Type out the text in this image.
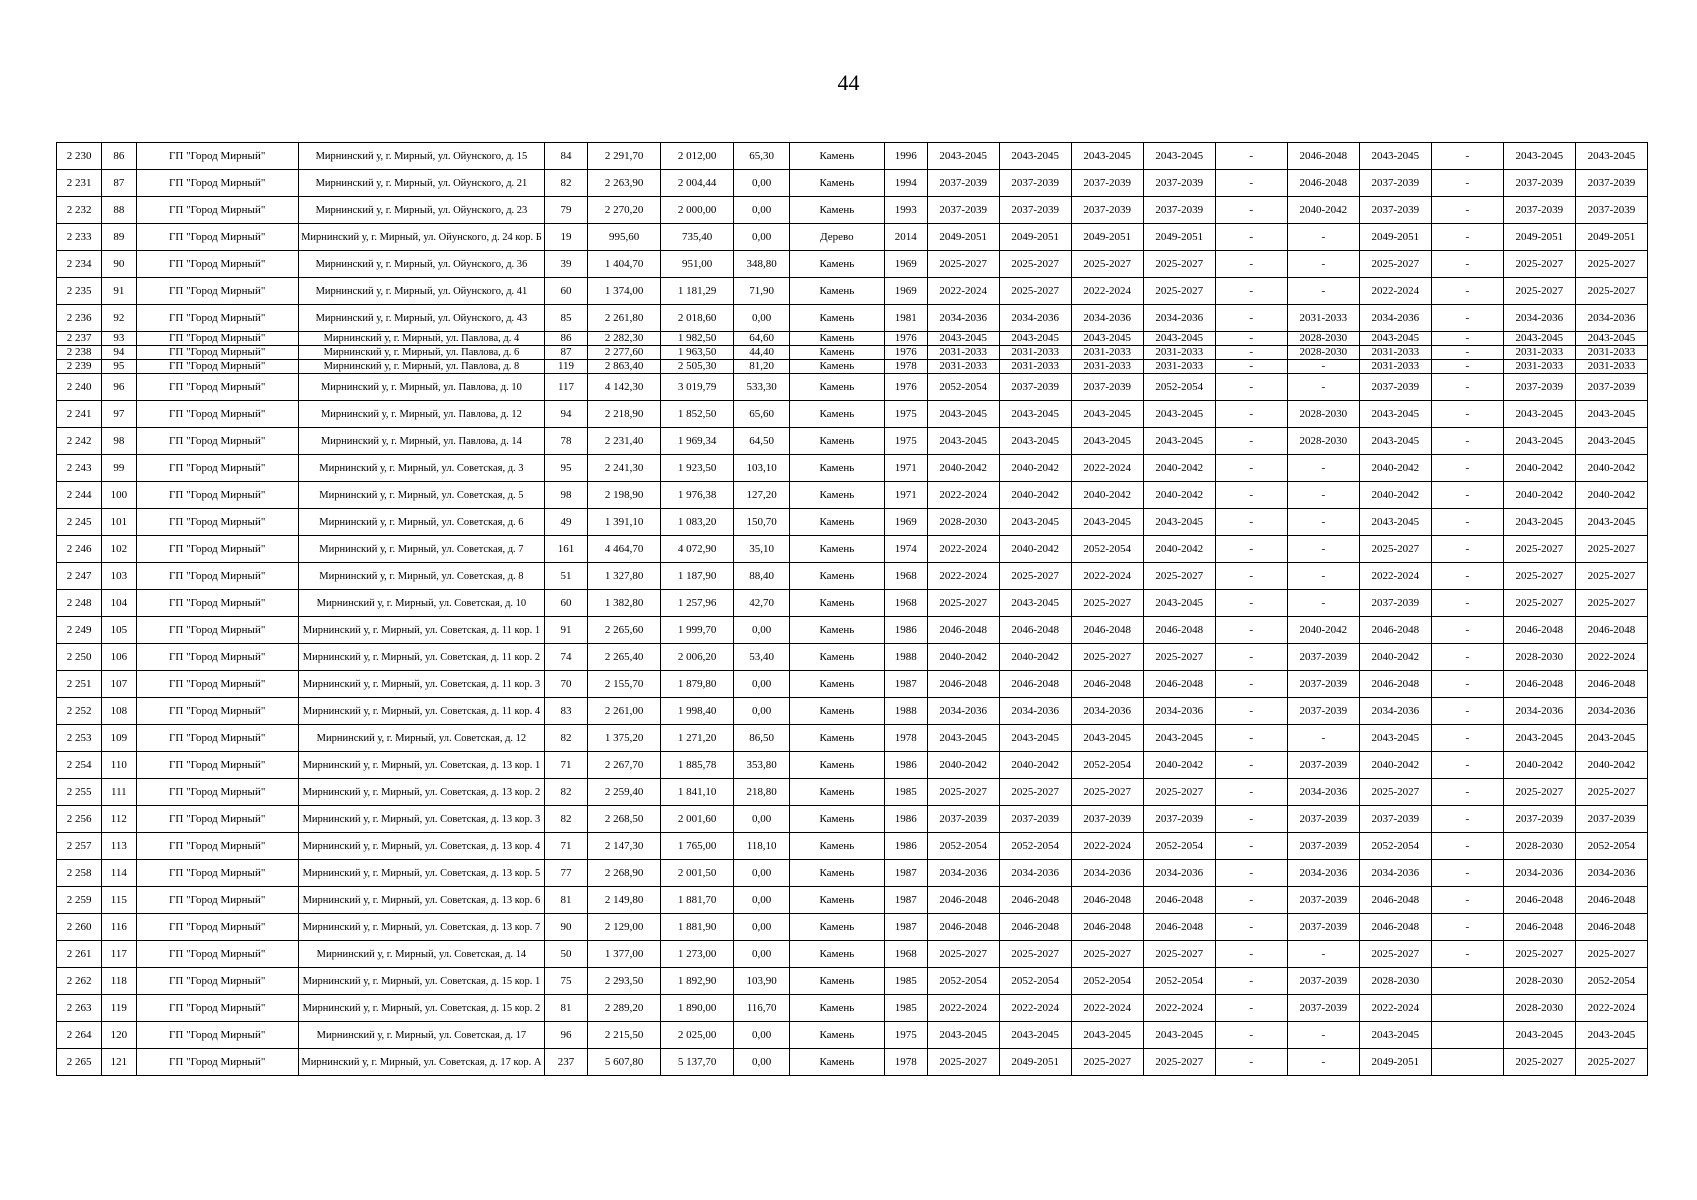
44
2 230	86	ГП "Город Мирный"	Мирнинский у, г. Мирный, ул. Ойунского, д. 15	84	2 291,70	2 012,00	65,30	Камень	1996	2043-2045	2043-2045	2043-2045	2043-2045	-	2046-2048	2043-2045	-	2043-2045	2043-2045
2 231	87	ГП "Город Мирный"	Мирнинский у, г. Мирный, ул. Ойунского, д. 21	82	2 263,90	2 004,44	0,00	Камень	1994	2037-2039	2037-2039	2037-2039	2037-2039	-	2046-2048	2037-2039	-	2037-2039	2037-2039
2 232	88	ГП "Город Мирный"	Мирнинский у, г. Мирный, ул. Ойунского, д. 23	79	2 270,20	2 000,00	0,00	Камень	1993	2037-2039	2037-2039	2037-2039	2037-2039	-	2040-2042	2037-2039	-	2037-2039	2037-2039
2 233	89	ГП "Город Мирный"	Мирнинский у, г. Мирный, ул. Ойунского, д. 24 кор. Б	19	995,60	735,40	0,00	Дерево	2014	2049-2051	2049-2051	2049-2051	2049-2051	-	-	2049-2051	-	2049-2051	2049-2051
2 234	90	ГП "Город Мирный"	Мирнинский у, г. Мирный, ул. Ойунского, д. 36	39	1 404,70	951,00	348,80	Камень	1969	2025-2027	2025-2027	2025-2027	2025-2027	-	-	2025-2027	-	2025-2027	2025-2027
2 235	91	ГП "Город Мирный"	Мирнинский у, г. Мирный, ул. Ойунского, д. 41	60	1 374,00	1 181,29	71,90	Камень	1969	2022-2024	2025-2027	2022-2024	2025-2027	-	-	2022-2024	-	2025-2027	2025-2027
2 236	92	ГП "Город Мирный"	Мирнинский у, г. Мирный, ул. Ойунского, д. 43	85	2 261,80	2 018,60	0,00	Камень	1981	2034-2036	2034-2036	2034-2036	2034-2036	-	2031-2033	2034-2036	-	2034-2036	2034-2036
2 237	93	ГП "Город Мирный"	Мирнинский у, г. Мирный, ул. Павлова, д. 4	86	2 282,30	1 982,50	64,60	Камень	1976	2043-2045	2043-2045	2043-2045	2043-2045	-	2028-2030	2043-2045	-	2043-2045	2043-2045
2 238	94	ГП "Город Мирный"	Мирнинский у, г. Мирный, ул. Павлова, д. 6	87	2 277,60	1 963,50	44,40	Камень	1976	2031-2033	2031-2033	2031-2033	2031-2033	-	2028-2030	2031-2033	-	2031-2033	2031-2033
2 239	95	ГП "Город Мирный"	Мирнинский у, г. Мирный, ул. Павлова, д. 8	119	2 863,40	2 505,30	81,20	Камень	1978	2031-2033	2031-2033	2031-2033	2031-2033	-	-	2031-2033	-	2031-2033	2031-2033
2 240	96	ГП "Город Мирный"	Мирнинский у, г. Мирный, ул. Павлова, д. 10	117	4 142,30	3 019,79	533,30	Камень	1976	2052-2054	2037-2039	2037-2039	2052-2054	-	-	2037-2039	-	2037-2039	2037-2039
2 241	97	ГП "Город Мирный"	Мирнинский у, г. Мирный, ул. Павлова, д. 12	94	2 218,90	1 852,50	65,60	Камень	1975	2043-2045	2043-2045	2043-2045	2043-2045	-	2028-2030	2043-2045	-	2043-2045	2043-2045
2 242	98	ГП "Город Мирный"	Мирнинский у, г. Мирный, ул. Павлова, д. 14	78	2 231,40	1 969,34	64,50	Камень	1975	2043-2045	2043-2045	2043-2045	2043-2045	-	2028-2030	2043-2045	-	2043-2045	2043-2045
2 243	99	ГП "Город Мирный"	Мирнинский у, г. Мирный, ул. Советская, д. 3	95	2 241,30	1 923,50	103,10	Камень	1971	2040-2042	2040-2042	2022-2024	2040-2042	-	-	2040-2042	-	2040-2042	2040-2042
2 244	100	ГП "Город Мирный"	Мирнинский у, г. Мирный, ул. Советская, д. 5	98	2 198,90	1 976,38	127,20	Камень	1971	2022-2024	2040-2042	2040-2042	2040-2042	-	-	2040-2042	-	2040-2042	2040-2042
2 245	101	ГП "Город Мирный"	Мирнинский у, г. Мирный, ул. Советская, д. 6	49	1 391,10	1 083,20	150,70	Камень	1969	2028-2030	2043-2045	2043-2045	2043-2045	-	-	2043-2045	-	2043-2045	2043-2045
2 246	102	ГП "Город Мирный"	Мирнинский у, г. Мирный, ул. Советская, д. 7	161	4 464,70	4 072,90	35,10	Камень	1974	2022-2024	2040-2042	2052-2054	2040-2042	-	-	2025-2027	-	2025-2027	2025-2027
2 247	103	ГП "Город Мирный"	Мирнинский у, г. Мирный, ул. Советская, д. 8	51	1 327,80	1 187,90	88,40	Камень	1968	2022-2024	2025-2027	2022-2024	2025-2027	-	-	2022-2024	-	2025-2027	2025-2027
2 248	104	ГП "Город Мирный"	Мирнинский у, г. Мирный, ул. Советская, д. 10	60	1 382,80	1 257,96	42,70	Камень	1968	2025-2027	2043-2045	2025-2027	2043-2045	-	-	2037-2039	-	2025-2027	2025-2027
2 249	105	ГП "Город Мирный"	Мирнинский у, г. Мирный, ул. Советская, д. 11 кор. 1	91	2 265,60	1 999,70	0,00	Камень	1986	2046-2048	2046-2048	2046-2048	2046-2048	-	2040-2042	2046-2048	-	2046-2048	2046-2048
2 250	106	ГП "Город Мирный"	Мирнинский у, г. Мирный, ул. Советская, д. 11 кор. 2	74	2 265,40	2 006,20	53,40	Камень	1988	2040-2042	2040-2042	2025-2027	2025-2027	-	2037-2039	2040-2042	-	2028-2030	2022-2024
2 251	107	ГП "Город Мирный"	Мирнинский у, г. Мирный, ул. Советская, д. 11 кор. 3	70	2 155,70	1 879,80	0,00	Камень	1987	2046-2048	2046-2048	2046-2048	2046-2048	-	2037-2039	2046-2048	-	2046-2048	2046-2048
2 252	108	ГП "Город Мирный"	Мирнинский у, г. Мирный, ул. Советская, д. 11 кор. 4	83	2 261,00	1 998,40	0,00	Камень	1988	2034-2036	2034-2036	2034-2036	2034-2036	-	2037-2039	2034-2036	-	2034-2036	2034-2036
2 253	109	ГП "Город Мирный"	Мирнинский у, г. Мирный, ул. Советская, д. 12	82	1 375,20	1 271,20	86,50	Камень	1978	2043-2045	2043-2045	2043-2045	2043-2045	-	-	2043-2045	-	2043-2045	2043-2045
2 254	110	ГП "Город Мирный"	Мирнинский у, г. Мирный, ул. Советская, д. 13 кор. 1	71	2 267,70	1 885,78	353,80	Камень	1986	2040-2042	2040-2042	2052-2054	2040-2042	-	2037-2039	2040-2042	-	2040-2042	2040-2042
2 255	111	ГП "Город Мирный"	Мирнинский у, г. Мирный, ул. Советская, д. 13 кор. 2	82	2 259,40	1 841,10	218,80	Камень	1985	2025-2027	2025-2027	2025-2027	2025-2027	-	2034-2036	2025-2027	-	2025-2027	2025-2027
2 256	112	ГП "Город Мирный"	Мирнинский у, г. Мирный, ул. Советская, д. 13 кор. 3	82	2 268,50	2 001,60	0,00	Камень	1986	2037-2039	2037-2039	2037-2039	2037-2039	-	2037-2039	2037-2039	-	2037-2039	2037-2039
2 257	113	ГП "Город Мирный"	Мирнинский у, г. Мирный, ул. Советская, д. 13 кор. 4	71	2 147,30	1 765,00	118,10	Камень	1986	2052-2054	2052-2054	2022-2024	2052-2054	-	2037-2039	2052-2054	-	2028-2030	2052-2054
2 258	114	ГП "Город Мирный"	Мирнинский у, г. Мирный, ул. Советская, д. 13 кор. 5	77	2 268,90	2 001,50	0,00	Камень	1987	2034-2036	2034-2036	2034-2036	2034-2036	-	2034-2036	2034-2036	-	2034-2036	2034-2036
2 259	115	ГП "Город Мирный"	Мирнинский у, г. Мирный, ул. Советская, д. 13 кор. 6	81	2 149,80	1 881,70	0,00	Камень	1987	2046-2048	2046-2048	2046-2048	2046-2048	-	2037-2039	2046-2048	-	2046-2048	2046-2048
2 260	116	ГП "Город Мирный"	Мирнинский у, г. Мирный, ул. Советская, д. 13 кор. 7	90	2 129,00	1 881,90	0,00	Камень	1987	2046-2048	2046-2048	2046-2048	2046-2048	-	2037-2039	2046-2048	-	2046-2048	2046-2048
2 261	117	ГП "Город Мирный"	Мирнинский у, г. Мирный, ул. Советская, д. 14	50	1 377,00	1 273,00	0,00	Камень	1968	2025-2027	2025-2027	2025-2027	2025-2027	-	-	2025-2027	-	2025-2027	2025-2027
2 262	118	ГП "Город Мирный"	Мирнинский у, г. Мирный, ул. Советская, д. 15 кор. 1	75	2 293,50	1 892,90	103,90	Камень	1985	2052-2054	2052-2054	2052-2054	2052-2054	-	2037-2039	2028-2030		2028-2030	2052-2054
2 263	119	ГП "Город Мирный"	Мирнинский у, г. Мирный, ул. Советская, д. 15 кор. 2	81	2 289,20	1 890,00	116,70	Камень	1985	2022-2024	2022-2024	2022-2024	2022-2024	-	2037-2039	2022-2024		2028-2030	2022-2024
2 264	120	ГП "Город Мирный"	Мирнинский у, г. Мирный, ул. Советская, д. 17	96	2 215,50	2 025,00	0,00	Камень	1975	2043-2045	2043-2045	2043-2045	2043-2045	-	-	2043-2045		2043-2045	2043-2045
2 265	121	ГП "Город Мирный"	Мирнинский у, г. Мирный, ул. Советская, д. 17 кор. А	237	5 607,80	5 137,70	0,00	Камень	1978	2025-2027	2049-2051	2025-2027	2025-2027	-	-	2049-2051		2025-2027	2025-2027
